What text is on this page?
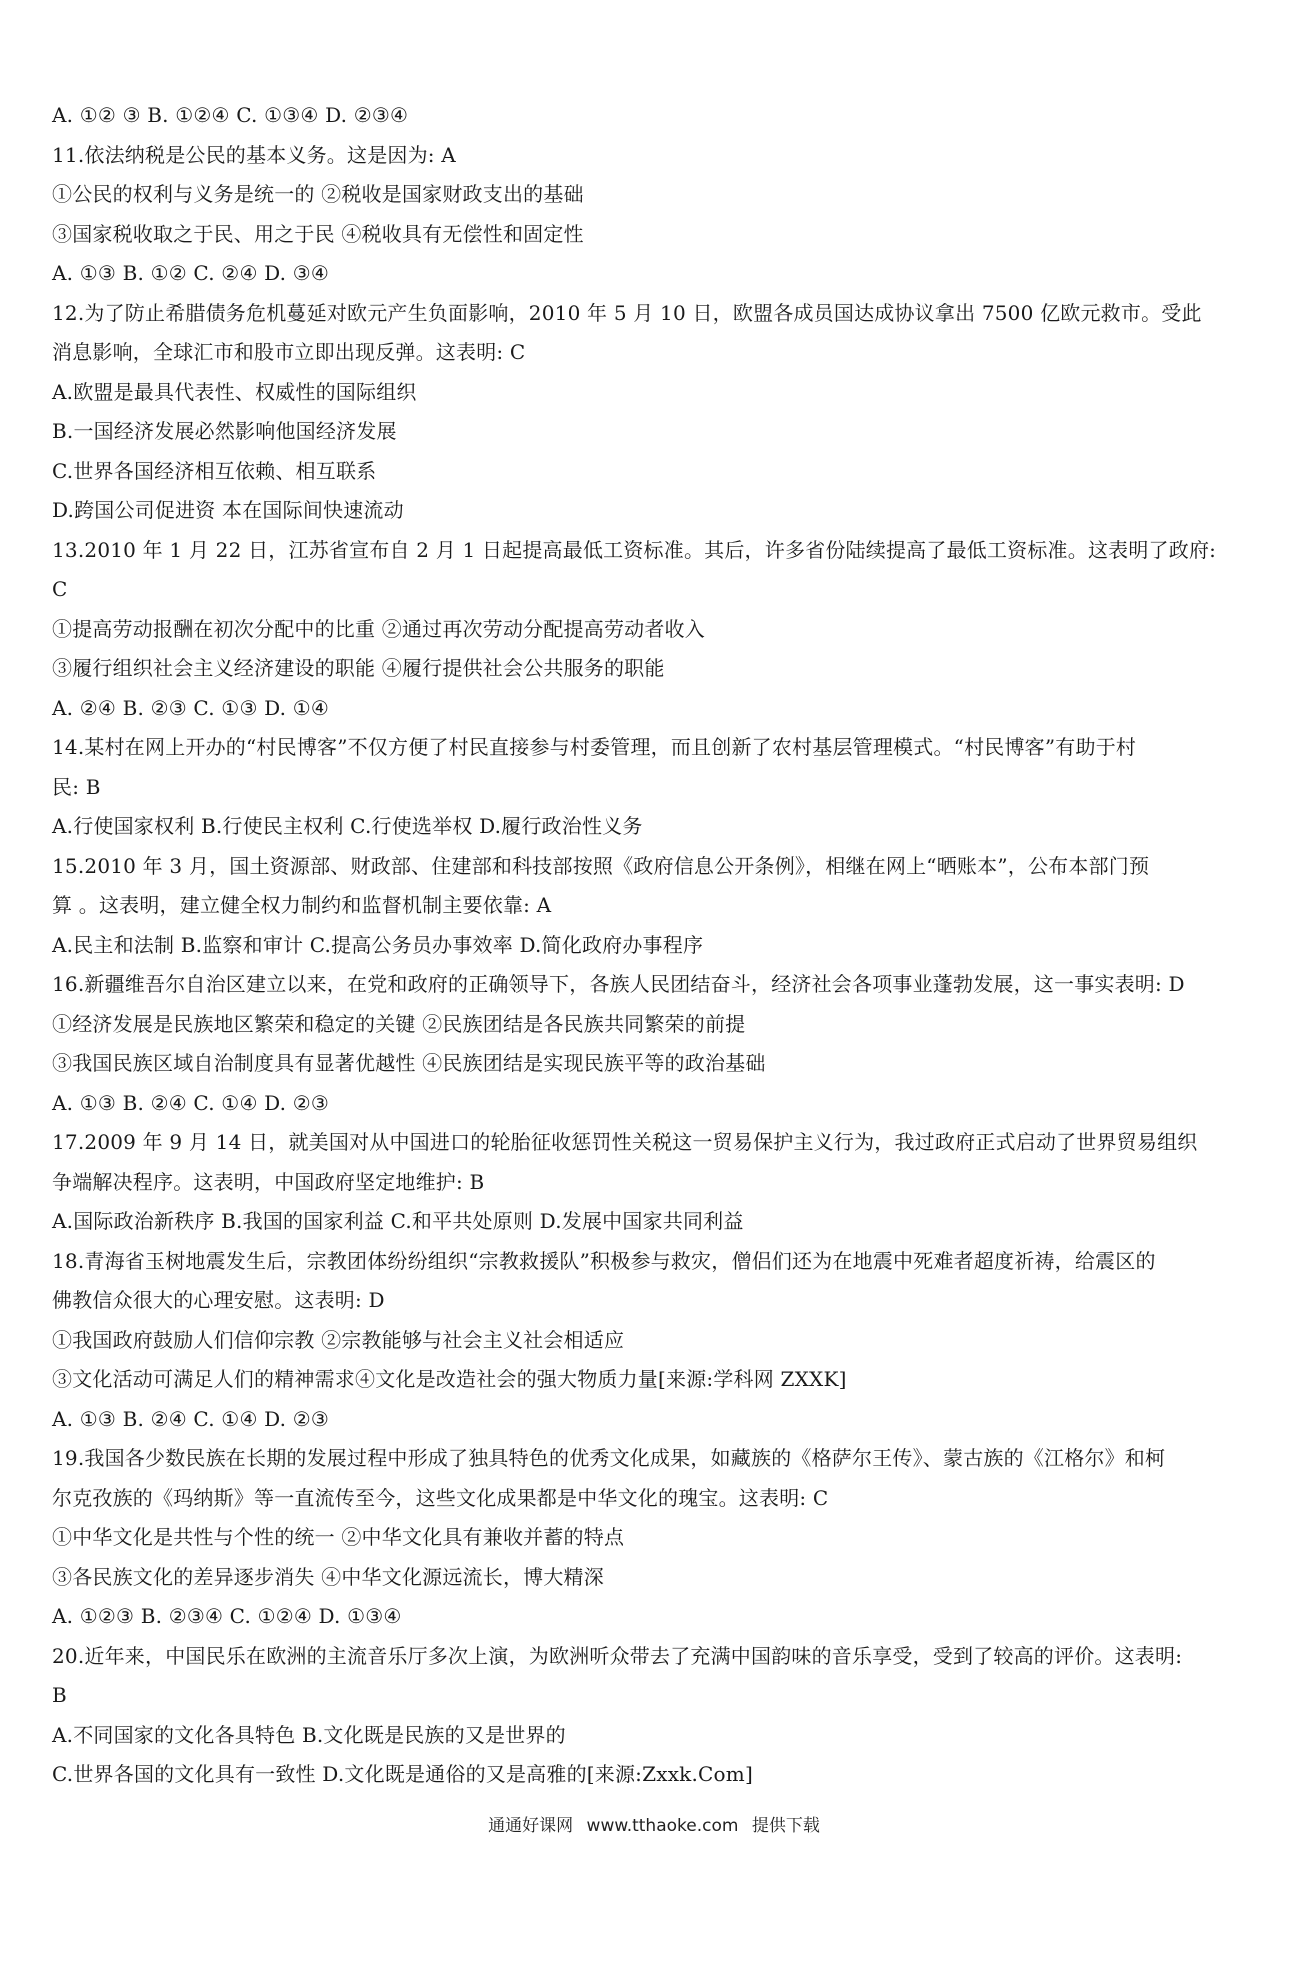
A. ①② ③ B. ①②④ C. ①③④ D. ②③④
11.依法纳税是公民的基本义务。这是因为: A
①公民的权利与义务是统一的 ②税收是国家财政支出的基础
③国家税收取之于民、用之于民 ④税收具有无偿性和固定性
A. ①③ B. ①② C. ②④ D. ③④
12.为了防止希腊债务危机蔓延对欧元产生负面影响，2010 年 5 月 10 日，欧盟各成员国达成协议拿出 7500 亿欧元救市。受此
消息影响，全球汇市和股市立即出现反弹。这表明: C
A.欧盟是最具代表性、权威性的国际组织
B.一国经济发展必然影响他国经济发展
C.世界各国经济相互依赖、相互联系
D.跨国公司促进资 本在国际间快速流动
13.2010 年 1 月 22 日，江苏省宣布自 2 月 1 日起提高最低工资标准。其后，许多省份陆续提高了最低工资标准。这表明了政府:
C
①提高劳动报酬在初次分配中的比重 ②通过再次劳动分配提高劳动者收入
③履行组织社会主义经济建设的职能 ④履行提供社会公共服务的职能
A. ②④ B. ②③ C. ①③ D. ①④
14.某村在网上开办的“村民博客”不仅方便了村民直接参与村委管理，而且创新了农村基层管理模式。“村民博客”有助于村
民: B
A.行使国家权利 B.行使民主权利 C.行使选举权 D.履行政治性义务
15.2010 年 3 月，国土资源部、财政部、住建部和科技部按照《政府信息公开条例》，相继在网上“晒账本”，公布本部门预
算 。这表明，建立健全权力制约和监督机制主要依靠: A
A.民主和法制 B.监察和审计 C.提高公务员办事效率 D.简化政府办事程序
16.新疆维吾尔自治区建立以来，在党和政府的正确领导下，各族人民团结奋斗，经济社会各项事业蓬勃发展，这一事实表明: D
①经济发展是民族地区繁荣和稳定的关键 ②民族团结是各民族共同繁荣的前提
③我国民族区域自治制度具有显著优越性 ④民族团结是实现民族平等的政治基础
A. ①③ B. ②④ C. ①④ D. ②③
17.2009 年 9 月 14 日，就美国对从中国进口的轮胎征收惩罚性关税这一贸易保护主义行为，我过政府正式启动了世界贸易组织
争端解决程序。这表明，中国政府坚定地维护: B
A.国际政治新秩序 B.我国的国家利益 C.和平共处原则 D.发展中国家共同利益
18.青海省玉树地震发生后，宗教团体纷纷组织“宗教救援队”积极参与救灾，僧侣们还为在地震中死难者超度祈祷，给震区的
佛教信众很大的心理安慰。这表明: D
①我国政府鼓励人们信仰宗教 ②宗教能够与社会主义社会相适应
③文化活动可满足人们的精神需求④文化是改造社会的强大物质力量[来源:学科网 ZXXK]
A. ①③ B. ②④ C. ①④ D. ②③
19.我国各少数民族在长期的发展过程中形成了独具特色的优秀文化成果，如藏族的《格萨尔王传》、蒙古族的《江格尔》和柯
尔克孜族的《玛纳斯》等一直流传至今，这些文化成果都是中华文化的瑰宝。这表明: C
①中华文化是共性与个性的统一 ②中华文化具有兼收并蓄的特点
③各民族文化的差异逐步消失 ④中华文化源远流长，博大精深
A. ①②③ B. ②③④ C. ①②④ D. ①③④
20.近年来，中国民乐在欧洲的主流音乐厅多次上演，为欧洲听众带去了充满中国韵味的音乐享受，受到了较高的评价。这表明:
B
A.不同国家的文化各具特色 B.文化既是民族的又是世界的
C.世界各国的文化具有一致性 D.文化既是通俗的又是高雅的[来源:Zxxk.Com]
通通好课网 www.tthaoke.com 提供下载
